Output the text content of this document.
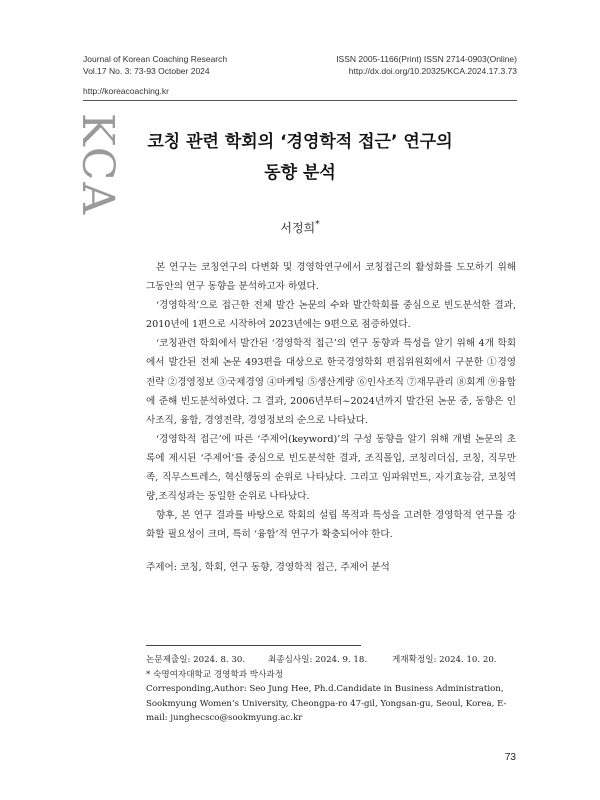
Journal of Korean Coaching Research
Vol.17 No. 3: 73-93 October 2024
ISSN 2005-1166(Print) ISSN 2714-0903(Online)
http://dx.doi.org/10.20325/KCA.2024.17.3.73
http://koreacoaching.kr
KCA	코칭 관련 학회의 ‘경영학적 접근’ 연구의
동향 분석
서정희*

본 연구는 코칭연구의 다변화 및 경영학연구에서 코칭접근의 활성화를 도모하기 위해 그동안의 연구 동향을 분석하고자 하였다.

‘경영학적’으로 접근한 전체 발간 논문의 수와 발간학회를 중심으로 빈도분석한 결과, 2010년에 1편으로 시작하여 2023년에는 9편으로 점증하였다.

‘코칭관련 학회에서 발간된 ‘경영학적 접근’의 연구 동향과 특성을 알기 위해 4개 학회에서 발간된 전체 논문 493편을 대상으로 한국경영학회 편집위원회에서 구분한 ①경영전략 ②경영정보 ③국제경영 ④마케팅 ⑤생산계량 ⑥인사조직 ⑦재무관리 ⑧회계 ⑨융합에 준해 빈도분석하였다. 그 결과, 2006년부터~2024년까지 발간된 논문 중, 동향은 인사조직, 융합, 경영전략, 경영정보의 순으로 나타났다.

‘경영학적 접근’에 따른 ‘주제어(keyword)’의 구성 동향을 알기 위해 개별 논문의 초록에 제시된 ‘주제어’를 중심으로 빈도분석한 결과, 조직몰입, 코칭리더십, 코칭, 직무만족, 직무스트레스, 혁신행동의 순위로 나타났다. 그리고 임파워먼트, 자기효능감, 코칭역량,조직성과는 동일한 순위로 나타났다.

향후, 본 연구 결과를 바탕으로 학회의 설립 목적과 특성을 고려한 경영학적 연구를 강화할 필요성이 크며, 특히 ‘융합’적 연구가 확충되어야 한다.

주제어: 코칭, 학회, 연구 동향, 경영학적 접근, 주제어 분석
논문제출일: 2024. 8. 30.	최종심사일: 2024. 9. 18.	게재확정일: 2024. 10. 20.
* 숙명여자대학교 경영학과 박사과정
Corresponding,Author: Seo Jung Hee, Ph.d.Candidate in Business Administration, Sookmyung Women’s University, Cheongpa-ro 47-gil, Yongsan-gu, Seoul, Korea, E-mail: junghecsco@sookmyung.ac.kr
73
